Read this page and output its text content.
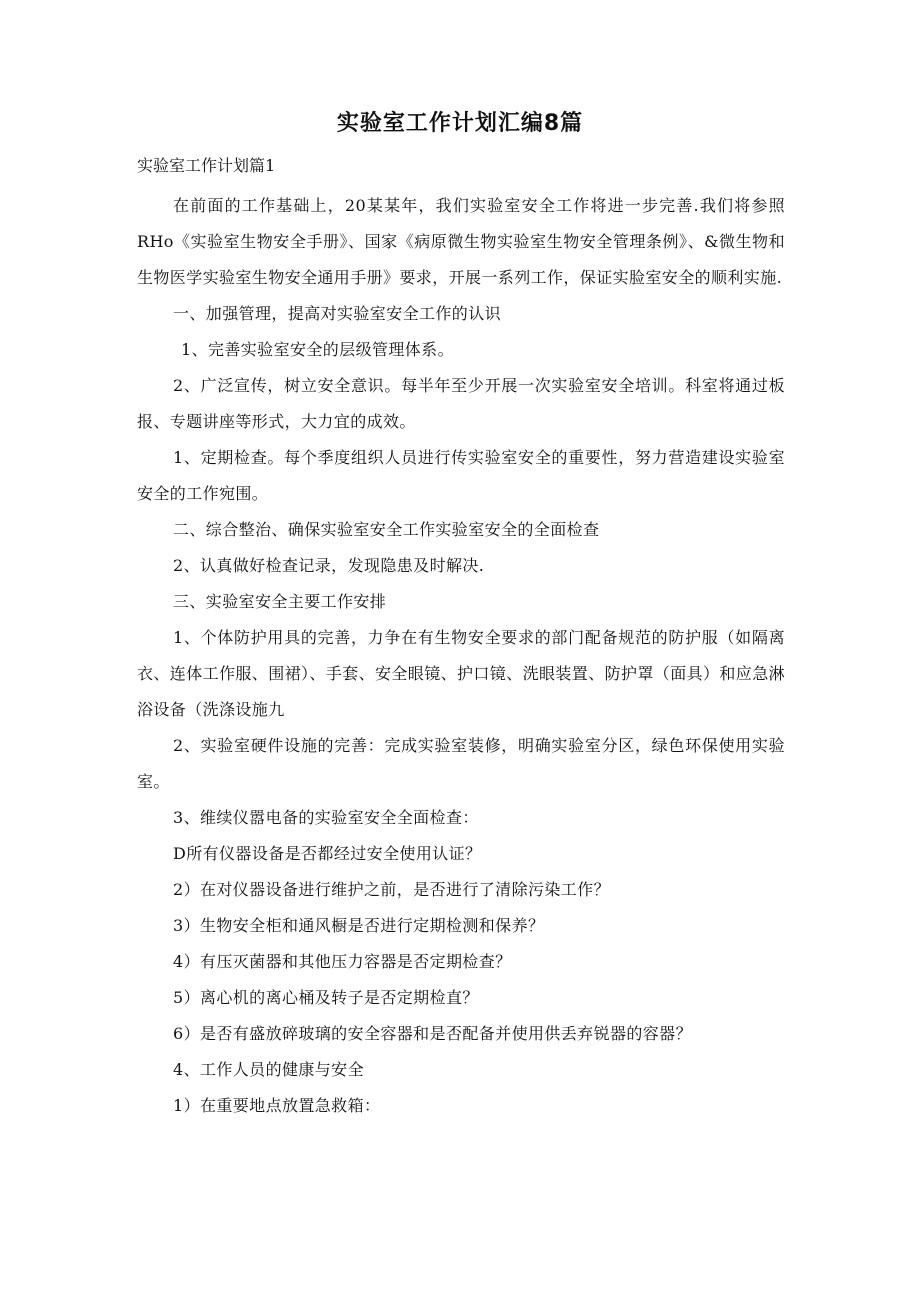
实验室工作计划汇编8篇

实验室工作计划篇1

在前面的工作基础上，20某某年，我们实验室安全工作将进一步完善.我们将参照RHo《实验室生物安全手册》、国家《病原微生物实验室生物安全管理条例》、&微生物和生物医学实验室生物安全通用手册》要求，开展一系列工作，保证实脸室安全的顺利实施.

一、加强管理，提高对实验室安全工作的认识

1、完善实验室安全的层级管理体系。

2、广泛宣传，树立安全意识。每半年至少开展一次实验室安全培训。科室将通过板报、专题讲座等形式，大力宜的成效。

1、定期检查。每个季度组织人员进行传实验室安全的重要性，努力营造建设实验室安全的工作宛围。

二、综合整治、确保实验室安全工作实验室安全的全面检查

2、认真做好检查记录，发现隐患及时解决.

三、实验室安全主要工作安排

1、个体防护用具的完善，力争在有生物安全要求的部门配备规范的防护服（如隔离衣、连体工作服、围裙）、手套、安全眼镜、护口镜、洗眼装置、防护罩（面具）和应急淋浴设备（洗涤设施九

2、实验室硬件设施的完善：完成实验室装修，明确实验室分区，绿色环保使用实验室。

3、维续仪嚣电备的实验室安全全面检查：

D所有仪器设备是否都经过安全使用认证？

2）在对仪器设备进行维护之前，是否进行了清除污染工作？

3）生物安全柜和通风橱是否进行定期检测和保养？

4）有压灭菌器和其他压力容器是否定期检查？

5）离心机的离心桶及转子是否定期检直？

6）是否有盛放碎玻璃的安全容器和是否配备并使用供丢弃锐器的容器？

4、工作人员的健康与安全

1）在重要地点放置急救箱：
